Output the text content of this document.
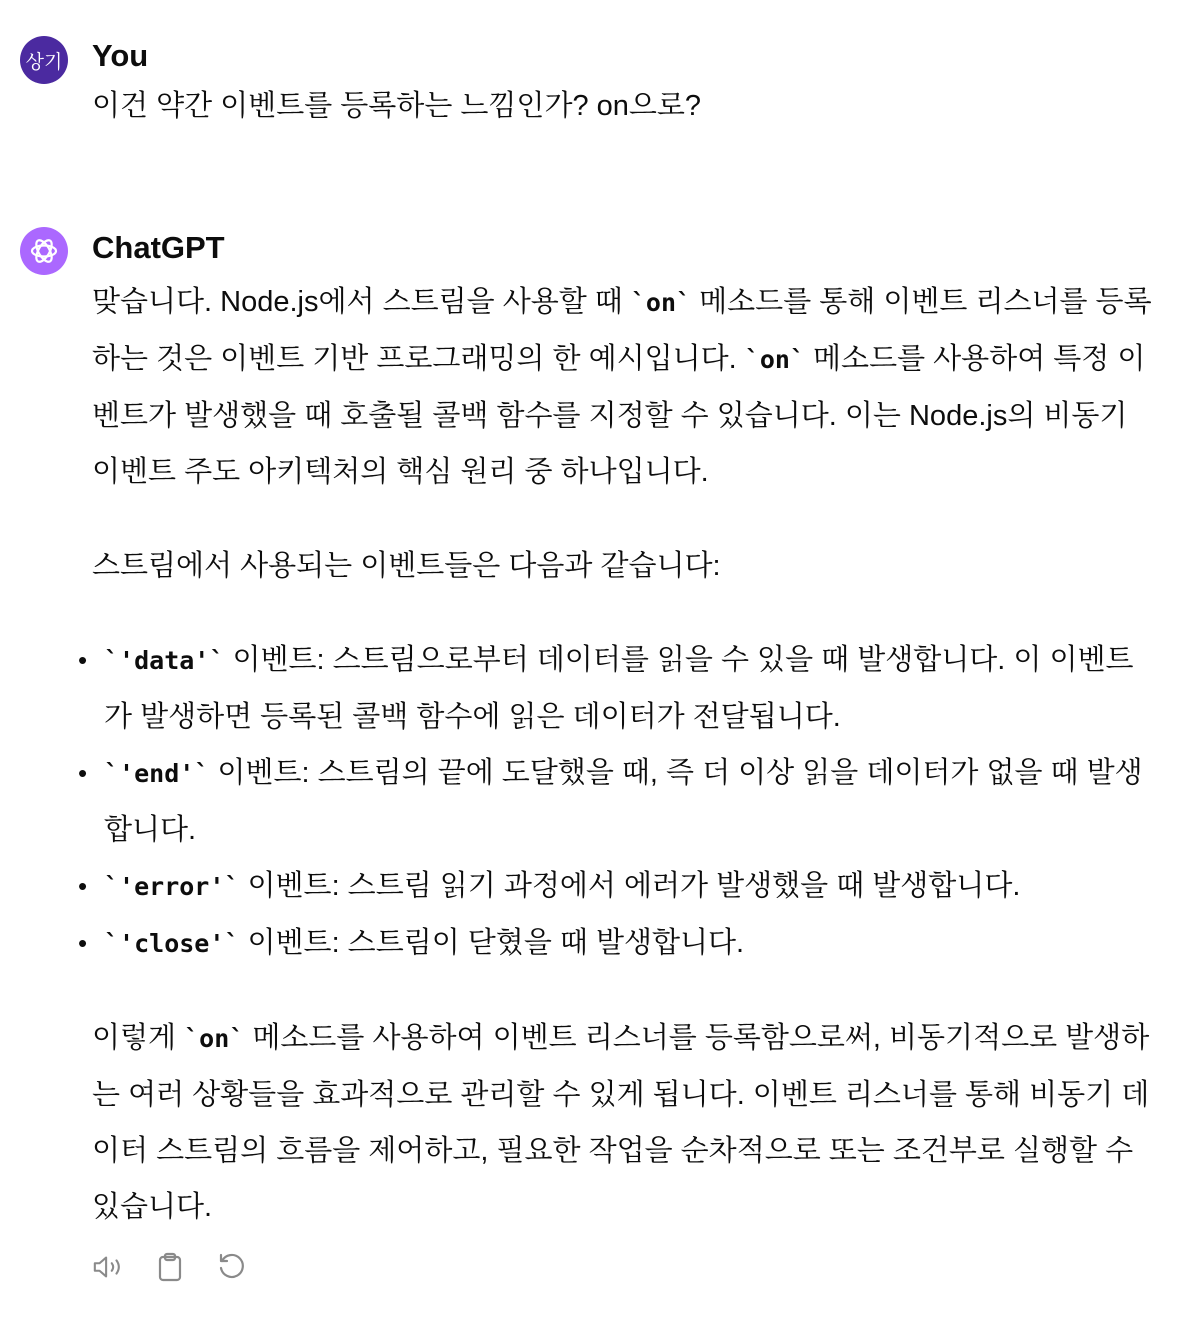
상기 You
이건 약간 이벤트를 등록하는 느낌인가? on으로?
ChatGPT

맞습니다. Node.js에서 스트림을 사용할 때 `on` 메소드를 통해 이벤트 리스너를 등록하는 것은 이벤트 기반 프로그래밍의 한 예시입니다. `on` 메소드를 사용하여 특정 이벤트가 발생했을 때 호출될 콜백 함수를 지정할 수 있습니다. 이는 Node.js의 비동기 이벤트 주도 아키텍처의 핵심 원리 중 하나입니다.

스트림에서 사용되는 이벤트들은 다음과 같습니다:
• `'data'` 이벤트: 스트림으로부터 데이터를 읽을 수 있을 때 발생합니다. 이 이벤트가 발생하면 등록된 콜백 함수에 읽은 데이터가 전달됩니다.
• `'end'` 이벤트: 스트림의 끝에 도달했을 때, 즉 더 이상 읽을 데이터가 없을 때 발생합니다.
• `'error'` 이벤트: 스트림 읽기 과정에서 에러가 발생했을 때 발생합니다.
• `'close'` 이벤트: 스트림이 닫혔을 때 발생합니다.

이렇게 `on` 메소드를 사용하여 이벤트 리스너를 등록함으로써, 비동기적으로 발생하는 여러 상황들을 효과적으로 관리할 수 있게 됩니다. 이벤트 리스너를 통해 비동기 데이터 스트림의 흐름을 제어하고, 필요한 작업을 순차적으로 또는 조건부로 실행할 수 있습니다.
